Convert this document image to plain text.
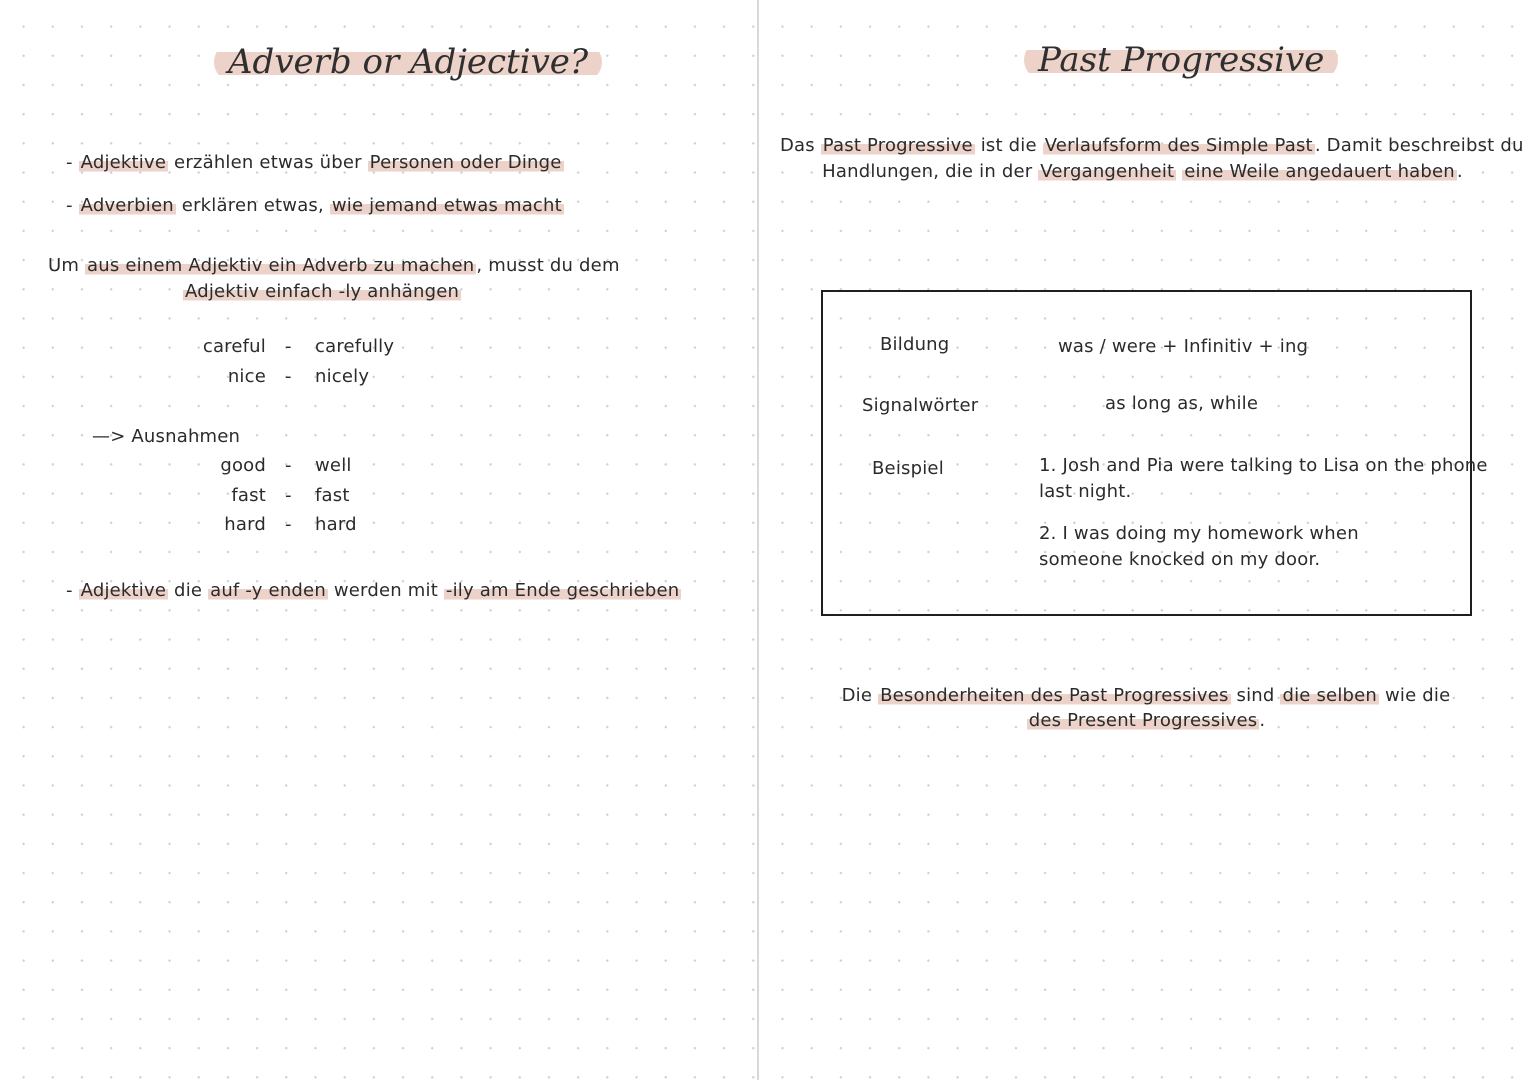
Adverb or Adjective?
- Adjektive erzählen etwas über Personen oder Dinge
- Adverbien erklären etwas, wie jemand etwas macht
Um aus einem Adjektiv ein Adverb zu machen , musst du dem
Adjektiv einfach -ly anhängen
careful - carefully
nice - nicely
—> Ausnahmen
good - well
fast - fast
hard - hard
- Adjektive die auf -y enden werden mit -ily am Ende geschrieben
Past Progressive
Das Past Progressive ist die Verlaufsform des Simple Past . Damit beschreibst du
Handlungen, die in der Vergangenheit eine Weile angedauert haben .
Bildung	was / were + Infinitiv + ing
Signalwörter	as long as, while
Beispiel	1. Josh and Pia were talking to Lisa on the phone
last night.
2. I was doing my homework when
someone knocked on my door.
Die Besonderheiten des Past Progressives sind die selben wie die
des Present Progressives .
